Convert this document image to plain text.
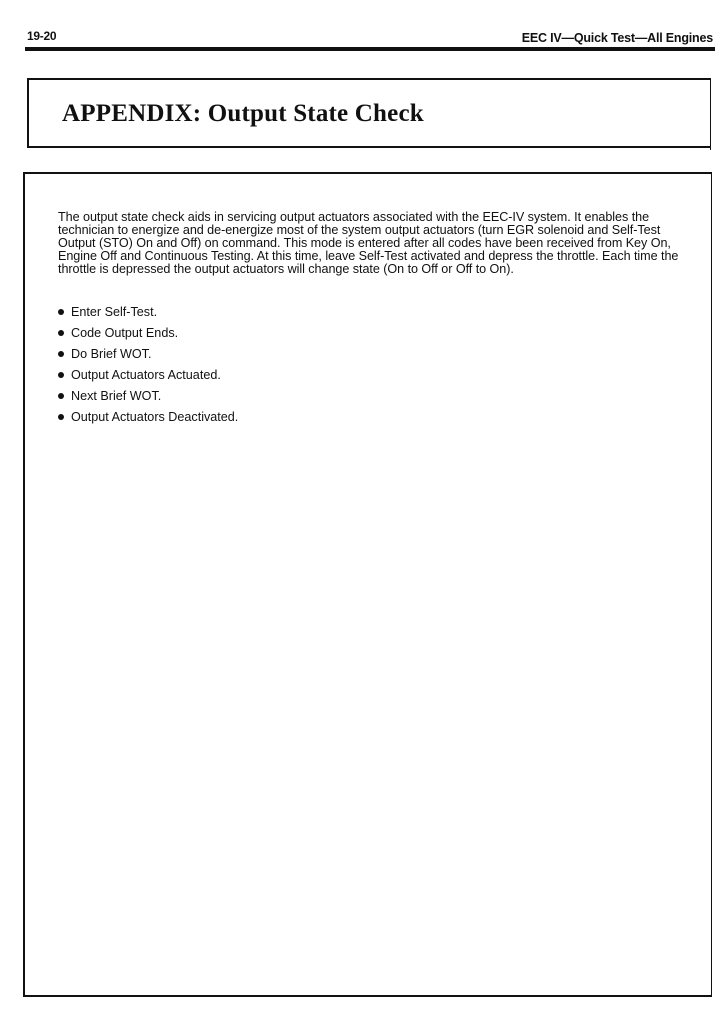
19-20	EEC IV—Quick Test—All Engines
APPENDIX: Output State Check

The output state check aids in servicing output actuators associated with the EEC-IV system. It enables the technician to energize and de-energize most of the system output actuators (turn EGR solenoid and Self-Test Output (STO) On and Off) on command. This mode is entered after all codes have been received from Key On, Engine Off and Continuous Testing. At this time, leave Self-Test activated and depress the throttle. Each time the throttle is depressed the output actuators will change state (On to Off or Off to On).

Enter Self-Test.
Code Output Ends.
Do Brief WOT.
Output Actuators Actuated.
Next Brief WOT.
Output Actuators Deactivated.
